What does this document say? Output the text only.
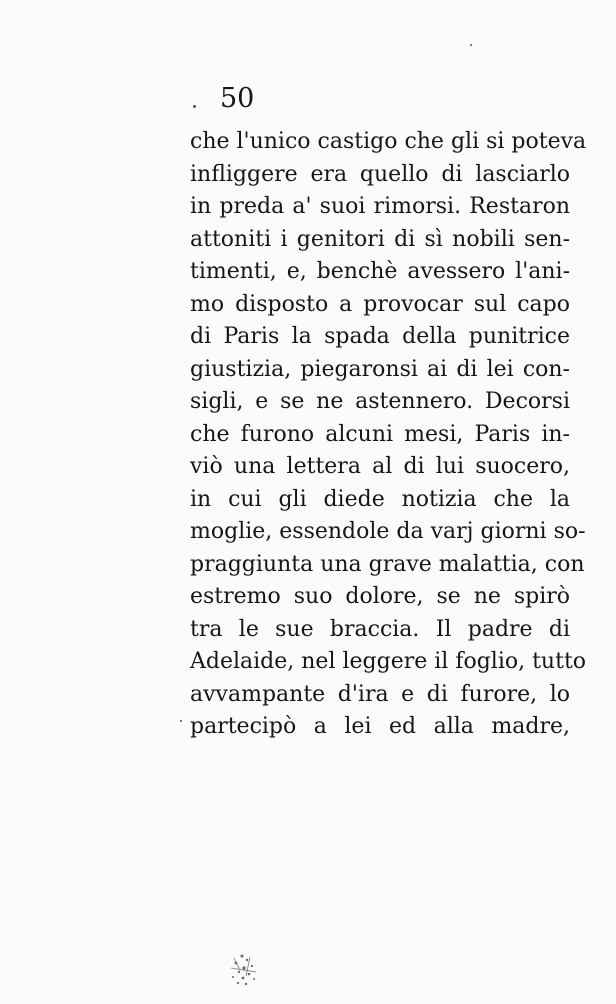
50
che l'unico castigo che gli si poteva
infliggere era quello di lasciarlo
in preda a' suoi rimorsi. Restaron
attoniti i genitori di sì nobili sen-
timenti, e, benchè avessero l'ani-
mo disposto a provocar sul capo
di Paris la spada della punitrice
giustizia, piegaronsi ai di lei con-
sigli, e se ne astennero. Decorsi
che furono alcuni mesi, Paris in-
viò una lettera al di lui suocero,
in cui gli diede notizia che la
moglie, essendole da varj giorni so-
praggiunta una grave malattia, con
estremo suo dolore, se ne spirò
tra le sue braccia. Il padre di
Adelaide, nel leggere il foglio, tutto
avvampante d'ira e di furore, lo
partecipò a lei ed alla madre,
